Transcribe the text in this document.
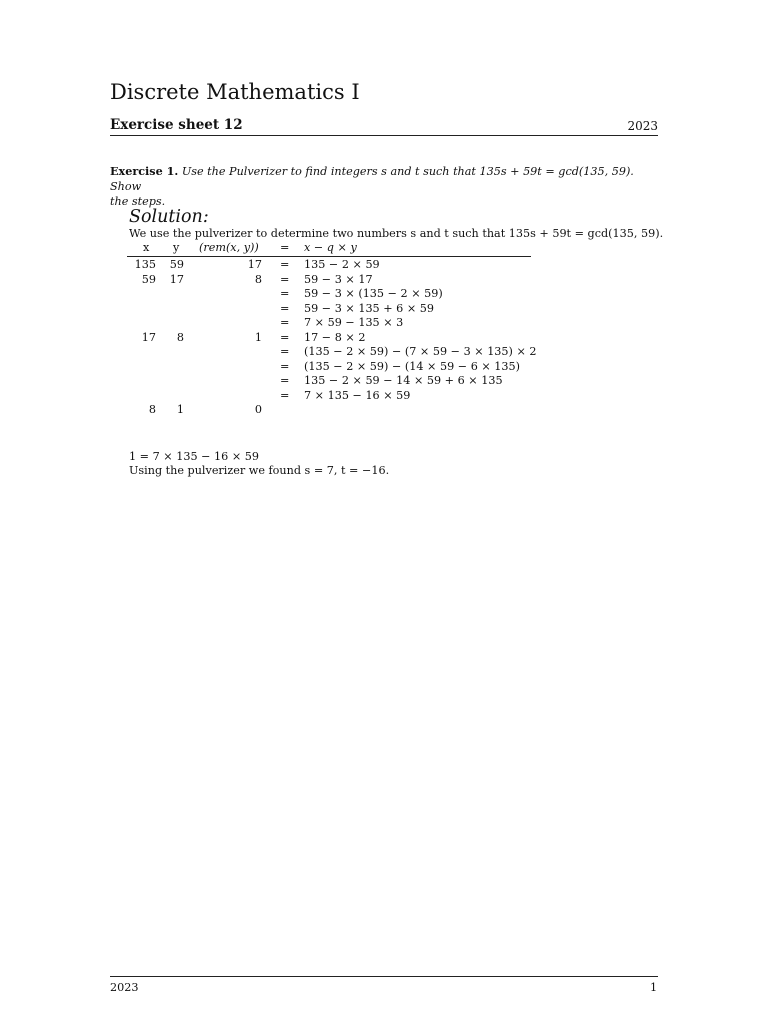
Discrete Mathematics I
Exercise sheet 12	2023
Exercise 1. Use the Pulverizer to find integers s and t such that 135s + 59t = gcd(135, 59). Show
the steps.
Solution:
We use the pulverizer to determine two numbers s and t such that 135s + 59t = gcd(135, 59).
x y (rem(x, y)) = x − q × y
135 59	17 = 135 − 2 × 59
59 17	8 = 59 − 3 × 17
= 59 − 3 × (135 − 2 × 59)
= 59 − 3 × 135 + 6 × 59
= 7 × 59 − 135 × 3
17 8	1 = 17 − 8 × 2
= (135 − 2 × 59) − (7 × 59 − 3 × 135) × 2
= (135 − 2 × 59) − (14 × 59 − 6 × 135)
= 135 − 2 × 59 − 14 × 59 + 6 × 135
= 7 × 135 − 16 × 59
8 1	0
1 = 7 × 135 − 16 × 59
Using the pulverizer we found s = 7, t = −16.
2023	1
